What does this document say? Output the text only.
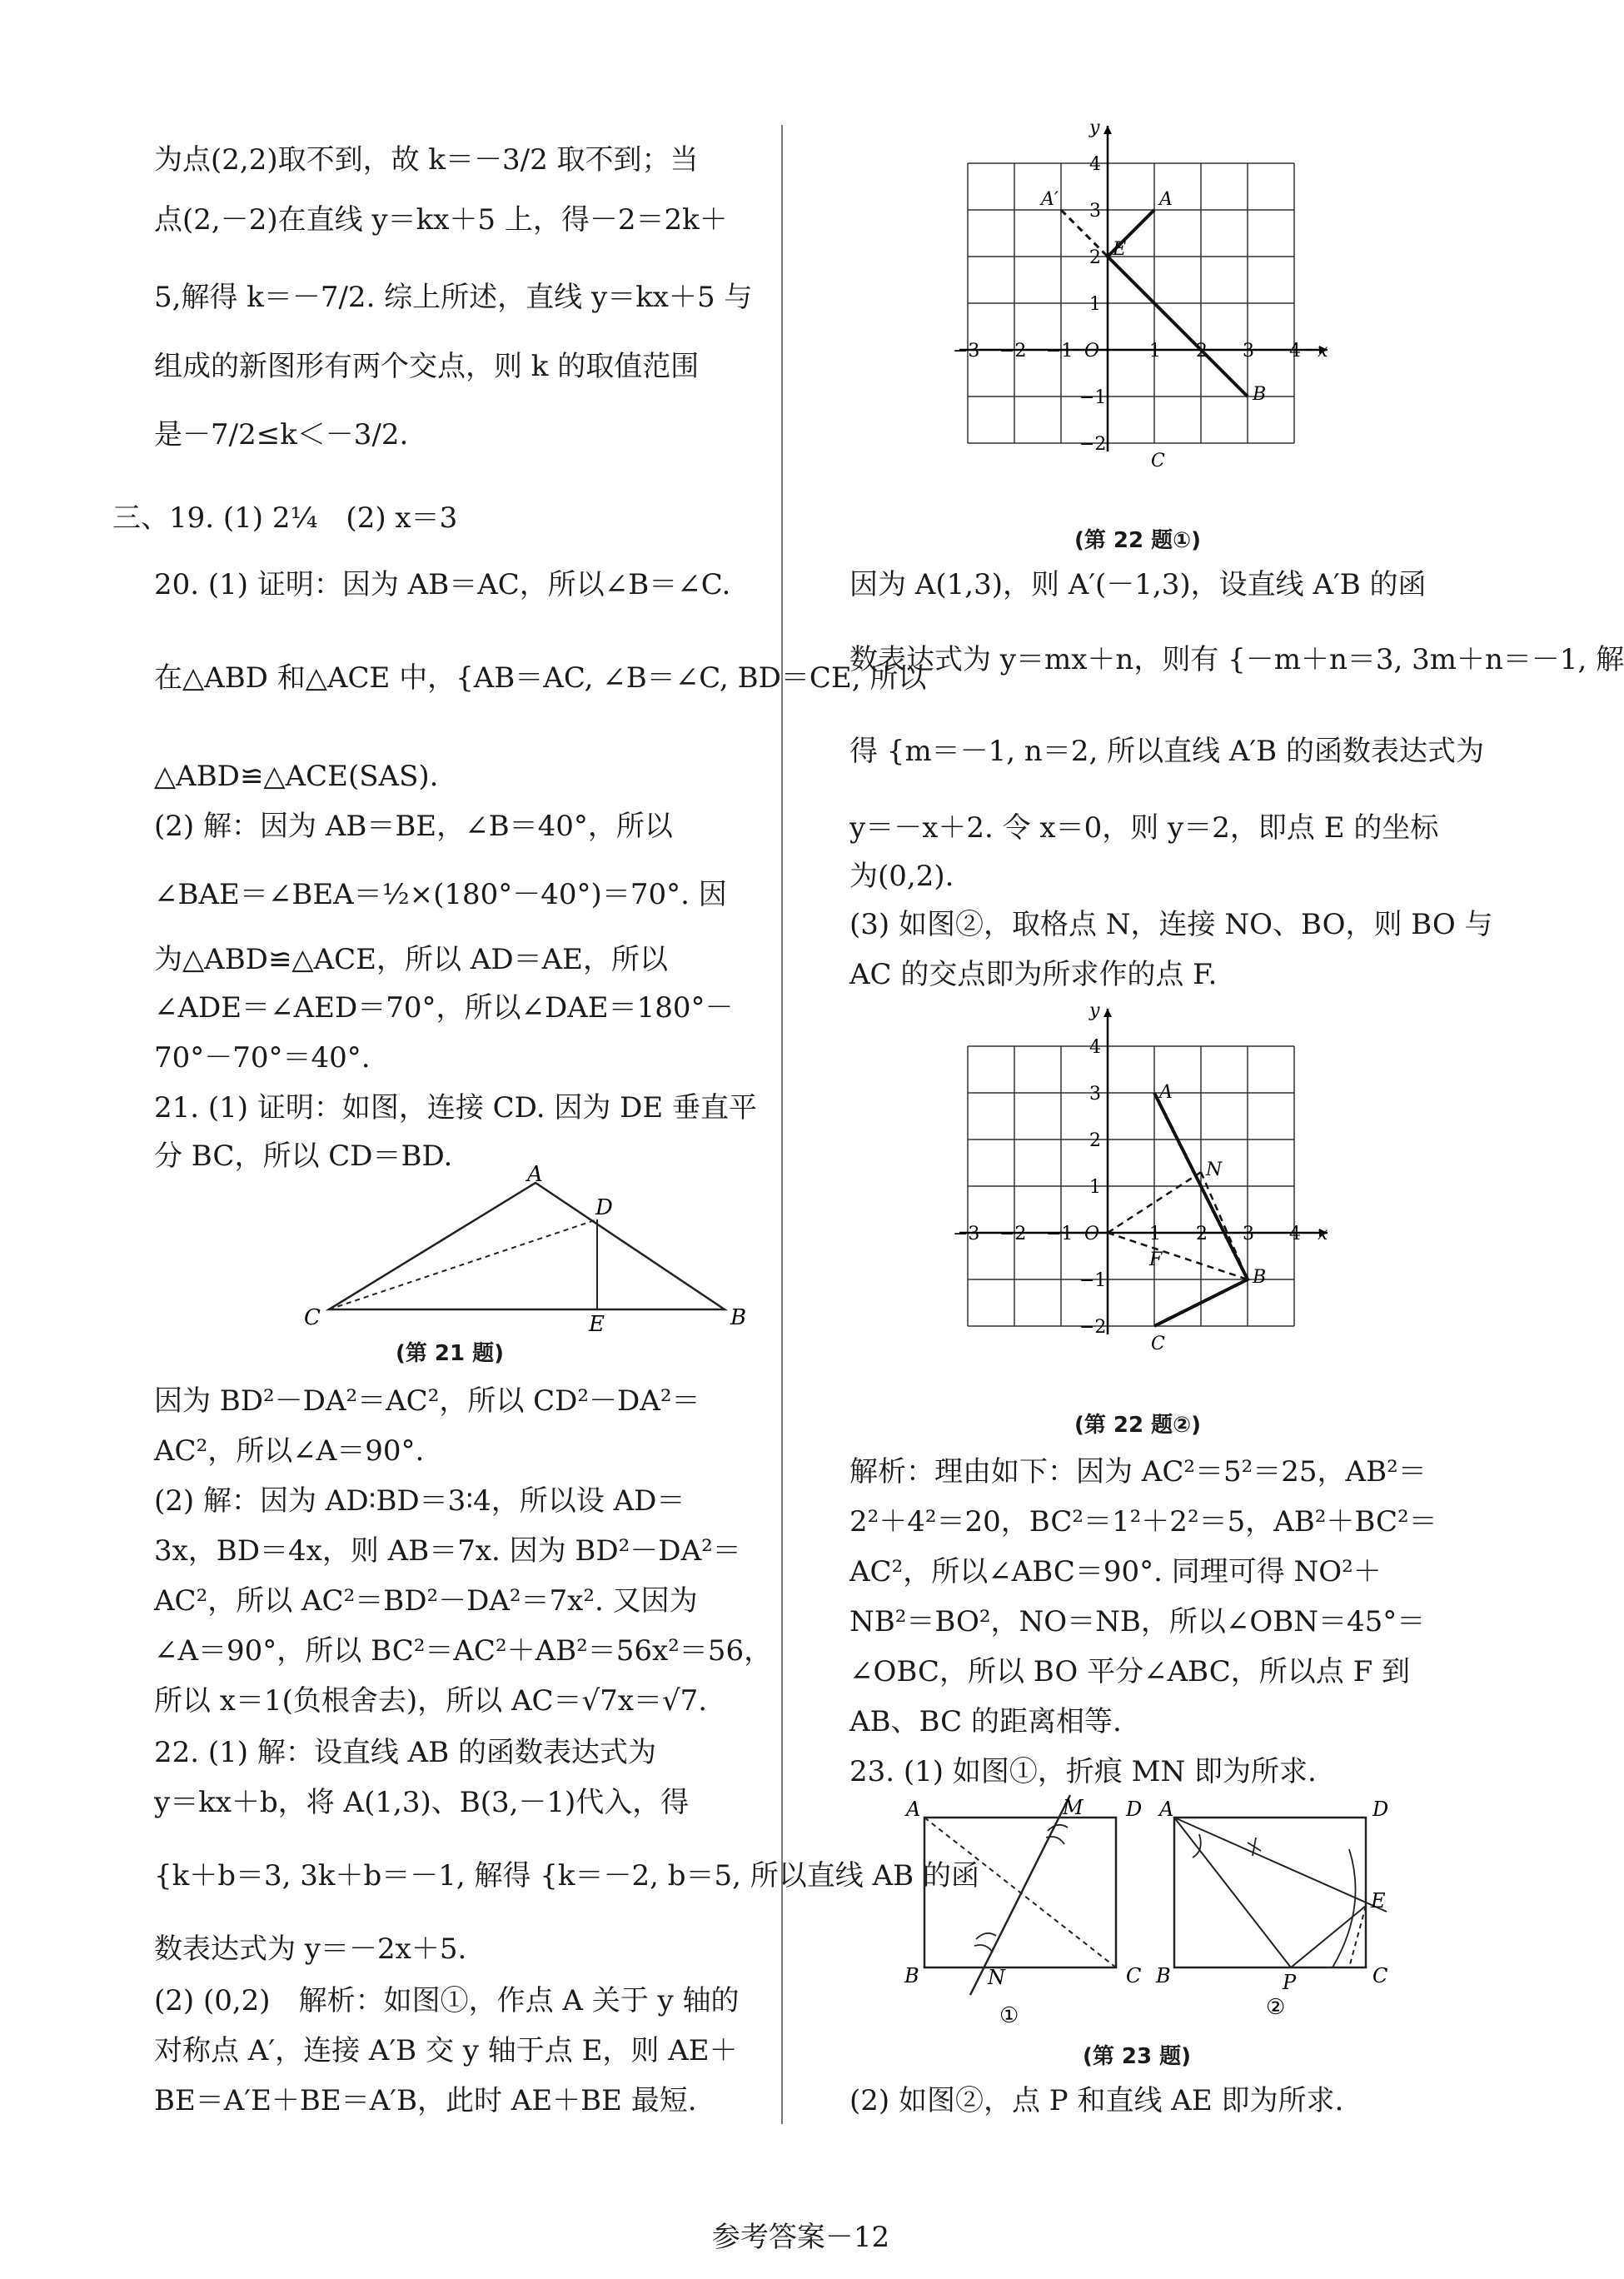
为点(2,2)取不到，故 k＝－3/2 取不到；当
点(2,－2)在直线 y＝kx＋5 上，得－2＝2k＋
5,解得 k＝－7/2. 综上所述，直线 y＝kx＋5 与
组成的新图形有两个交点，则 k 的取值范围
是－7/2≤k＜－3/2.
三、19. (1) 2¼　(2) x＝3
20. (1) 证明：因为 AB＝AC，所以∠B＝∠C.
在△ABD 和△ACE 中，{AB＝AC, ∠B＝∠C, BD＝CE, 所以
△ABD≌△ACE(SAS).
(2) 解：因为 AB＝BE，∠B＝40°，所以
∠BAE＝∠BEA＝½×(180°－40°)＝70°. 因
为△ABD≌△ACE，所以 AD＝AE，所以
∠ADE＝∠AED＝70°，所以∠DAE＝180°－
70°－70°＝40°.
21. (1) 证明：如图，连接 CD. 因为 DE 垂直平
分 BC，所以 CD＝BD.
A
D
C	E	B
(第 21 题)
因为 BD²－DA²＝AC²，所以 CD²－DA²＝
AC²，所以∠A＝90°.
(2) 解：因为 AD∶BD＝3∶4，所以设 AD＝
3x，BD＝4x，则 AB＝7x. 因为 BD²－DA²＝
AC²，所以 AC²＝BD²－DA²＝7x². 又因为
∠A＝90°，所以 BC²＝AC²＋AB²＝56x²＝56，
所以 x＝1(负根舍去)，所以 AC＝√7x＝√7.
22. (1) 解：设直线 AB 的函数表达式为
y＝kx＋b，将 A(1,3)、B(3,－1)代入，得
{k＋b＝3, 3k＋b＝－1, 解得 {k＝－2, b＝5, 所以直线 AB 的函
数表达式为 y＝－2x＋5.
(2) (0,2)　解析：如图①，作点 A 关于 y 轴的
对称点 A′，连接 A′B 交 y 轴于点 E，则 AE＋
BE＝A′E＋BE＝A′B，此时 AE＋BE 最短.
−3 −2 −1	1 2 3 4
4
3
2
1
−1
−2
O	x
y
A
A′
E
B
C
(第 22 题①)
因为 A(1,3)，则 A′(－1,3)，设直线 A′B 的函
数表达式为 y＝mx＋n，则有 {－m＋n＝3, 3m＋n＝－1, 解
得 {m＝－1, n＝2, 所以直线 A′B 的函数表达式为
y＝－x＋2. 令 x＝0，则 y＝2，即点 E 的坐标
为(0,2).
(3) 如图②，取格点 N，连接 NO、BO，则 BO 与
AC 的交点即为所求作的点 F.
−3 −2 −1	1 2 3 4
4
3
2
1
−1
−2
O	x
y
A
N
F
B
C
(第 22 题②)
解析：理由如下：因为 AC²＝5²＝25，AB²＝
2²＋4²＝20，BC²＝1²＋2²＝5，AB²＋BC²＝
AC²，所以∠ABC＝90°. 同理可得 NO²＋
NB²＝BO²，NO＝NB，所以∠OBN＝45°＝
∠OBC，所以 BO 平分∠ABC，所以点 F 到
AB、BC 的距离相等.
23. (1) 如图①，折痕 MN 即为所求.
A	M D
B	N	C
①
A	D
E
B	P	C
②
(第 23 题)
(2) 如图②，点 P 和直线 AE 即为所求.
参考答案－12
